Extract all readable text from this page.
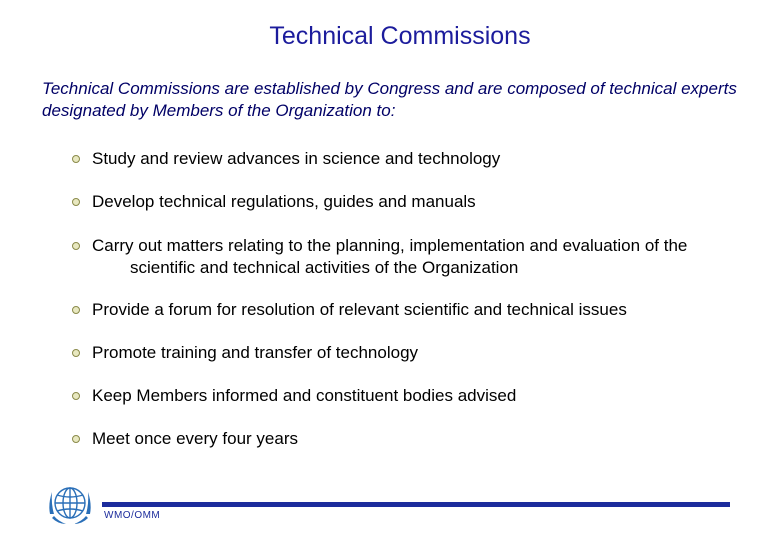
Technical Commissions
Technical Commissions are established by Congress and are composed of technical experts designated by Members of the Organization to:
Study and review advances in science and technology
Develop technical regulations, guides and manuals
Carry out matters relating to the planning, implementation and evaluation of the
scientific and technical activities of the Organization
Provide a forum for resolution of relevant scientific and technical issues
Promote training and transfer of technology
Keep Members informed and constituent bodies advised
Meet once every four years
WMO/OMM
